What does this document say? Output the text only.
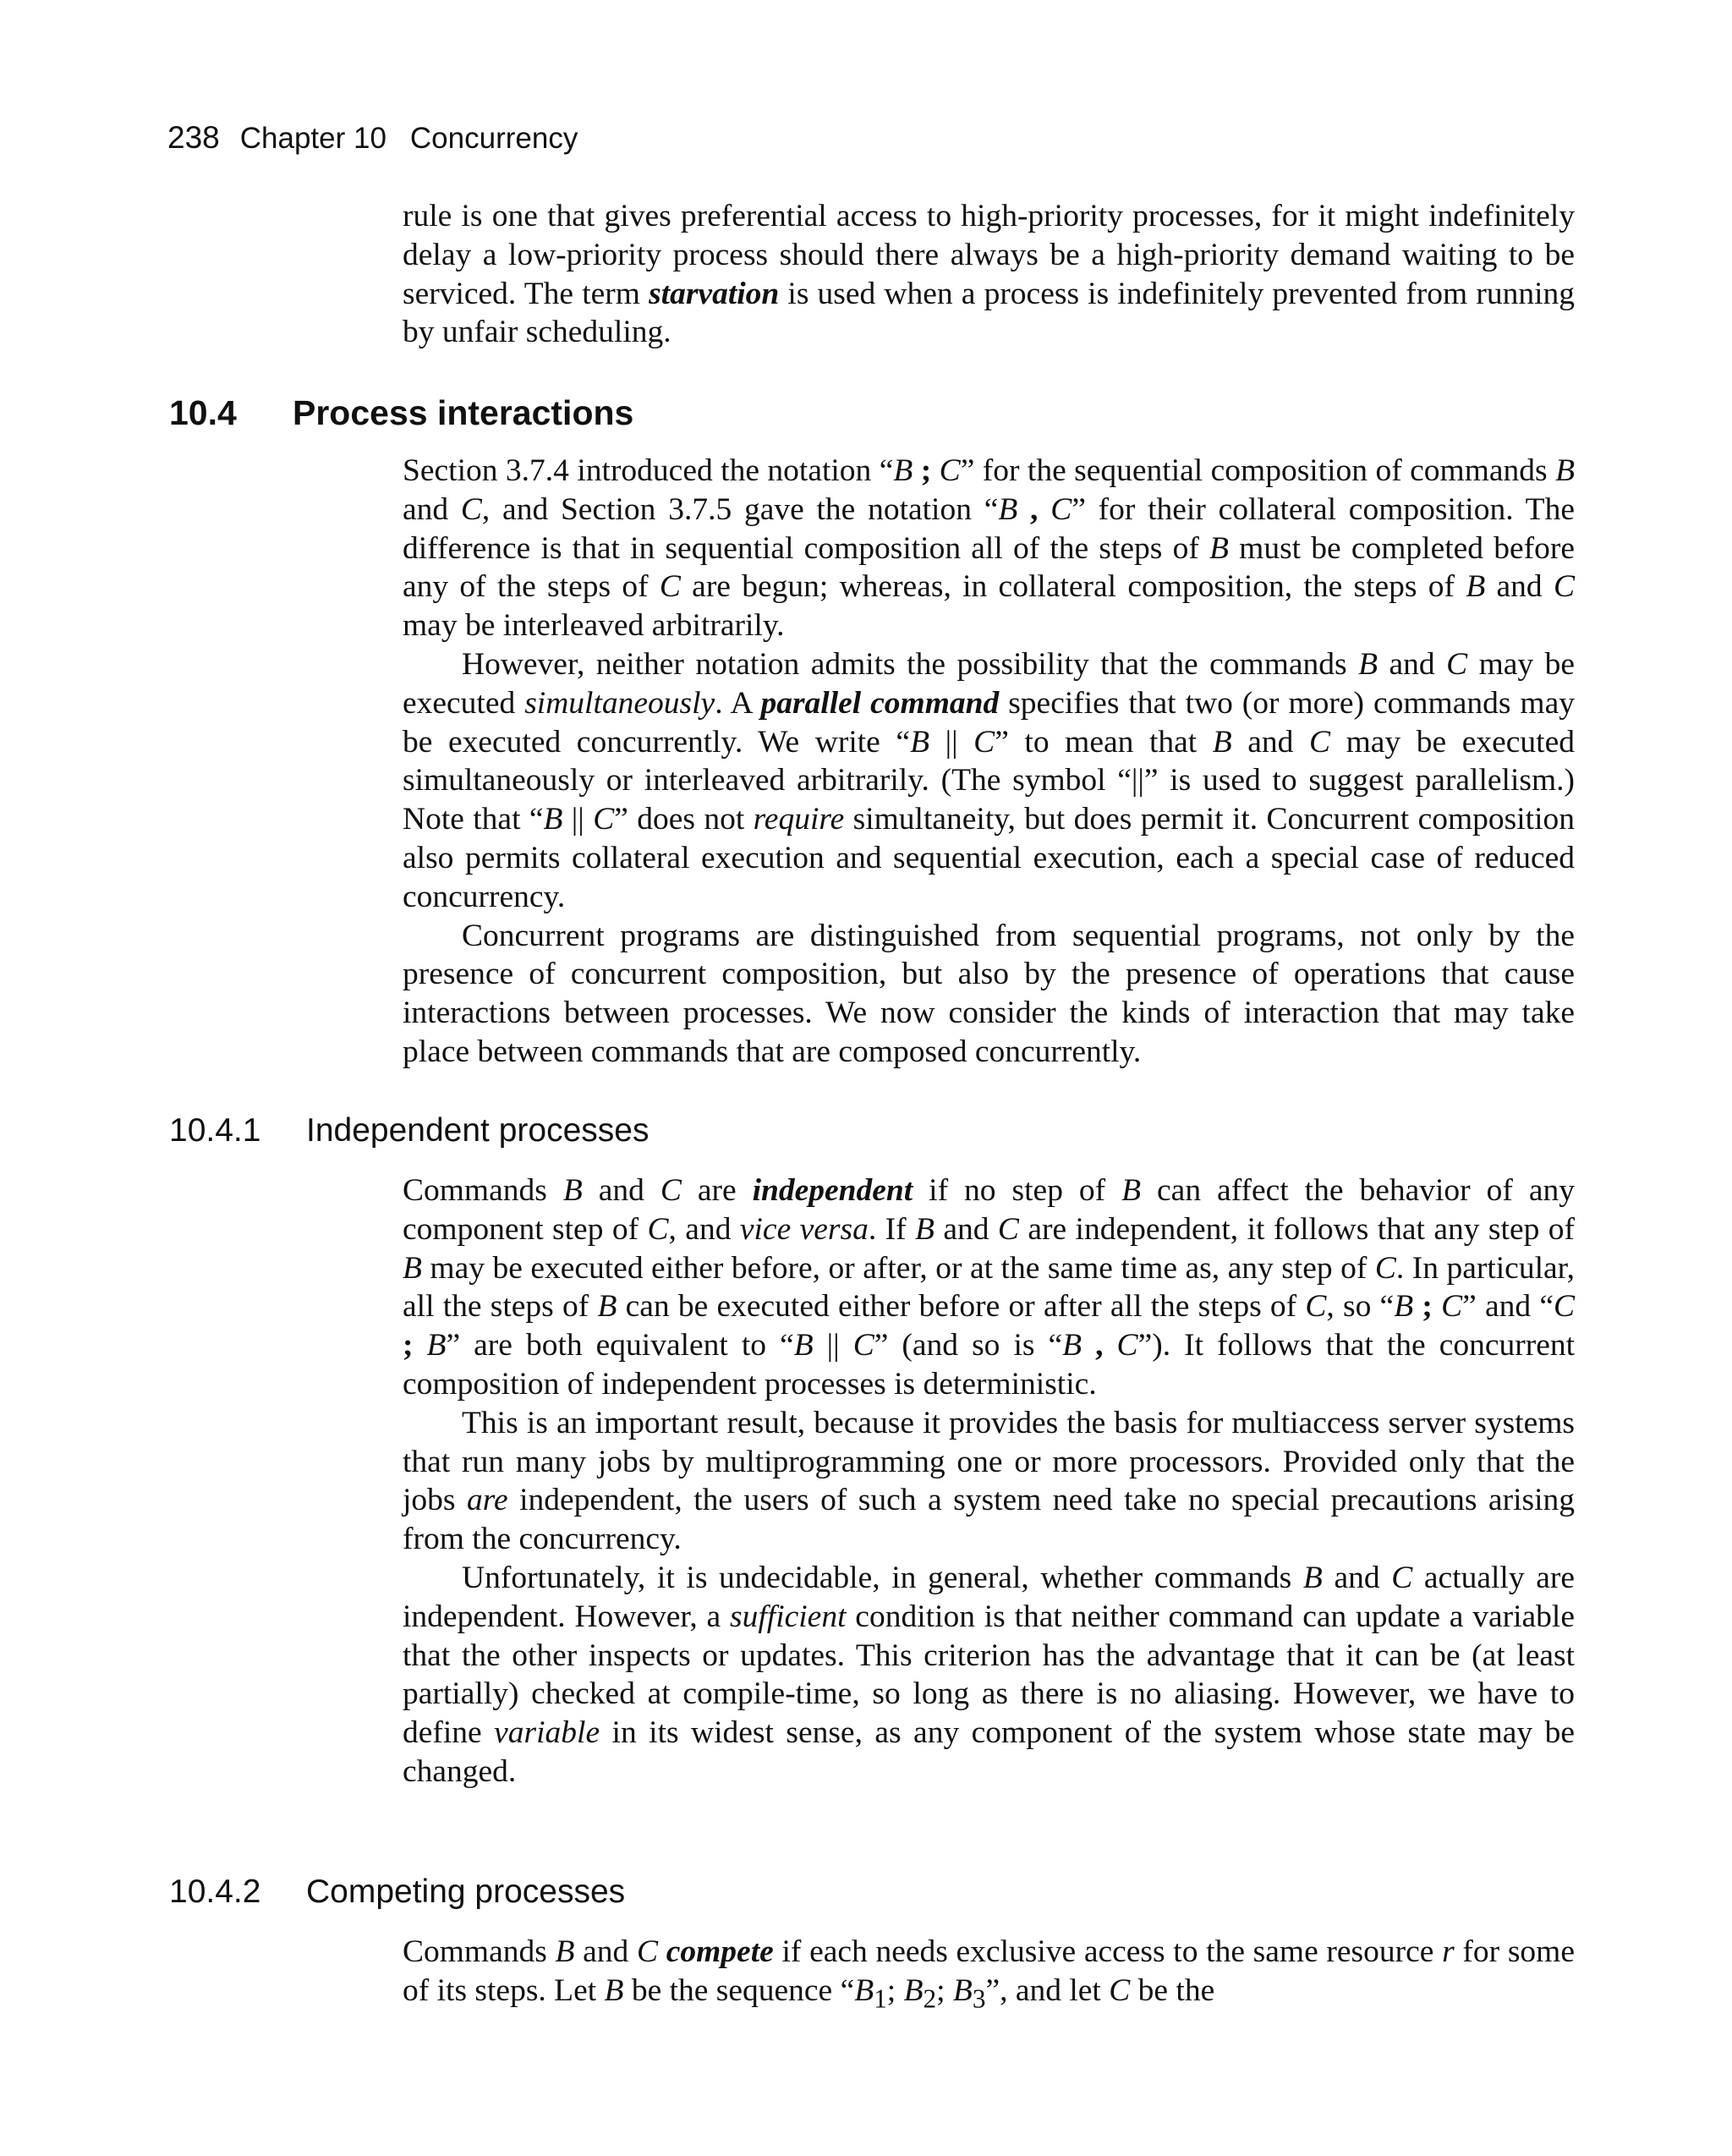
238 Chapter 10 Concurrency

rule is one that gives preferential access to high-priority processes, for it might indefinitely delay a low-priority process should there always be a high-priority demand waiting to be serviced. The term starvation is used when a process is indefinitely prevented from running by unfair scheduling.

10.4 Process interactions

Section 3.7.4 introduced the notation “B ; C” for the sequential composition of commands B and C, and Section 3.7.5 gave the notation “B , C” for their collateral composition. The difference is that in sequential composition all of the steps of B must be completed before any of the steps of C are begun; whereas, in collateral composition, the steps of B and C may be interleaved arbitrarily.

However, neither notation admits the possibility that the commands B and C may be executed simultaneously. A parallel command specifies that two (or more) commands may be executed concurrently. We write “B || C” to mean that B and C may be executed simultaneously or interleaved arbitrarily. (The symbol “||” is used to suggest parallelism.) Note that “B || C” does not require simultaneity, but does permit it. Concurrent composition also permits collateral execution and sequential execution, each a special case of reduced concurrency.

Concurrent programs are distinguished from sequential programs, not only by the presence of concurrent composition, but also by the presence of operations that cause interactions between processes. We now consider the kinds of interaction that may take place between commands that are composed concurrently.

10.4.1 Independent processes

Commands B and C are independent if no step of B can affect the behavior of any component step of C, and vice versa. If B and C are independent, it follows that any step of B may be executed either before, or after, or at the same time as, any step of C. In particular, all the steps of B can be executed either before or after all the steps of C, so “B ; C” and “C ; B” are both equivalent to “B || C” (and so is “B , C”). It follows that the concurrent composition of independent processes is deterministic.

This is an important result, because it provides the basis for multiaccess server systems that run many jobs by multiprogramming one or more processors. Provided only that the jobs are independent, the users of such a system need take no special precautions arising from the concurrency.

Unfortunately, it is undecidable, in general, whether commands B and C actually are independent. However, a sufficient condition is that neither command can update a variable that the other inspects or updates. This criterion has the advantage that it can be (at least partially) checked at compile-time, so long as there is no aliasing. However, we have to define variable in its widest sense, as any component of the system whose state may be changed.

10.4.2 Competing processes

Commands B and C compete if each needs exclusive access to the same resource r for some of its steps. Let B be the sequence “$B_1$; $B_2$; $B_3$”, and let C be the
